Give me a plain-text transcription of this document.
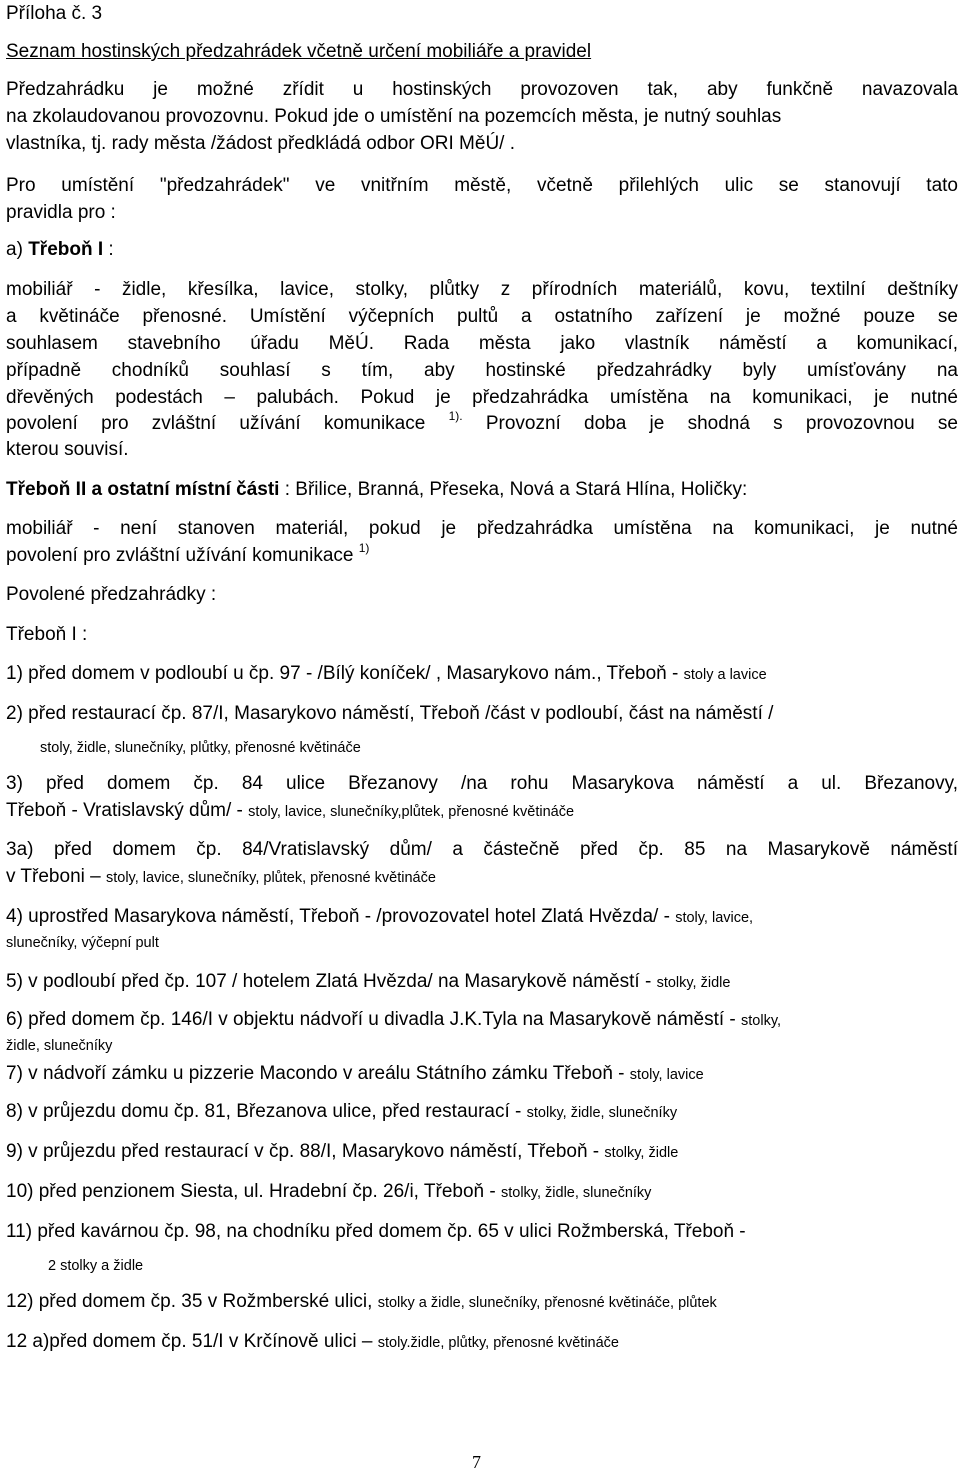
Příloha č. 3
Seznam hostinských předzahrádek včetně určení mobiliáře a pravidel
Předzahrádku je možné zřídit u hostinských provozoven tak, aby funkčně navazovala
na zkolaudovanou provozovnu. Pokud jde o umístění na pozemcích města, je nutný souhlas
vlastníka, tj. rady města /žádost předkládá odbor ORI MěÚ/ .
Pro umístění "předzahrádek" ve vnitřním městě, včetně přilehlých ulic se stanovují tato
pravidla pro :
a) Třeboň I :
mobiliář - židle, křesílka, lavice, stolky, plůtky z přírodních materiálů, kovu, textilní deštníky
a květináče přenosné. Umístění výčepních pultů a ostatního zařízení je možné pouze se
souhlasem stavebního úřadu MěÚ. Rada města jako vlastník náměstí a komunikací,
případně chodníků souhlasí s tím, aby hostinské předzahrádky byly umísťovány na
dřevěných podestách – palubách. Pokud je předzahrádka umístěna na komunikaci, je nutné
povolení pro zvláštní užívání komunikace $^{1).}$ Provozní doba je shodná s provozovnou se
kterou souvisí.
Třeboň II a ostatní místní části : Břilice, Branná, Přeseka, Nová a Stará Hlína, Holičky:
mobiliář - není stanoven materiál, pokud je předzahrádka umístěna na komunikaci, je nutné
povolení pro zvláštní užívání komunikace $^{1)}$
Povolené předzahrádky :
Třeboň I :
1) před domem v podloubí u čp. 97 - /Bílý koníček/ , Masarykovo nám., Třeboň - stoly a lavice
2) před restaurací čp. 87/I, Masarykovo náměstí, Třeboň /část v podloubí, část na náměstí /
stoly, židle, slunečníky, plůtky, přenosné květináče
3) před domem čp. 84 ulice Březanovy /na rohu Masarykova náměstí a ul. Březanovy,
Třeboň - Vratislavský dům/ - stoly, lavice, slunečníky,plůtek, přenosné květináče
3a) před domem čp. 84/Vratislavský dům/ a částečně před čp. 85 na Masarykově náměstí
v Třeboni – stoly, lavice, slunečníky, plůtek, přenosné květináče
4) uprostřed Masarykova náměstí, Třeboň - /provozovatel hotel Zlatá Hvězda/ - stoly, lavice,
slunečníky, výčepní pult
5) v podloubí před čp. 107 / hotelem Zlatá Hvězda/ na Masarykově náměstí - stolky, židle
6) před domem čp. 146/I v objektu nádvoří u divadla J.K.Tyla na Masarykově náměstí - stolky,
židle, slunečníky
7) v nádvoří zámku u pizzerie Macondo v areálu Státního zámku Třeboň - stoly, lavice
8) v průjezdu domu čp. 81, Březanova ulice, před restaurací - stolky, židle, slunečníky
9) v průjezdu před restaurací v čp. 88/I, Masarykovo náměstí, Třeboň - stolky, židle
10) před penzionem Siesta, ul. Hradební čp. 26/i, Třeboň - stolky, židle, slunečníky
11) před kavárnou čp. 98, na chodníku před domem čp. 65 v ulici Rožmberská, Třeboň -
2 stolky a židle
12) před domem čp. 35 v Rožmberské ulici, stolky a židle, slunečníky, přenosné květináče, plůtek
12 a)před domem čp. 51/I v Krčínově ulici – stoly.židle, plůtky, přenosné květináče
7
